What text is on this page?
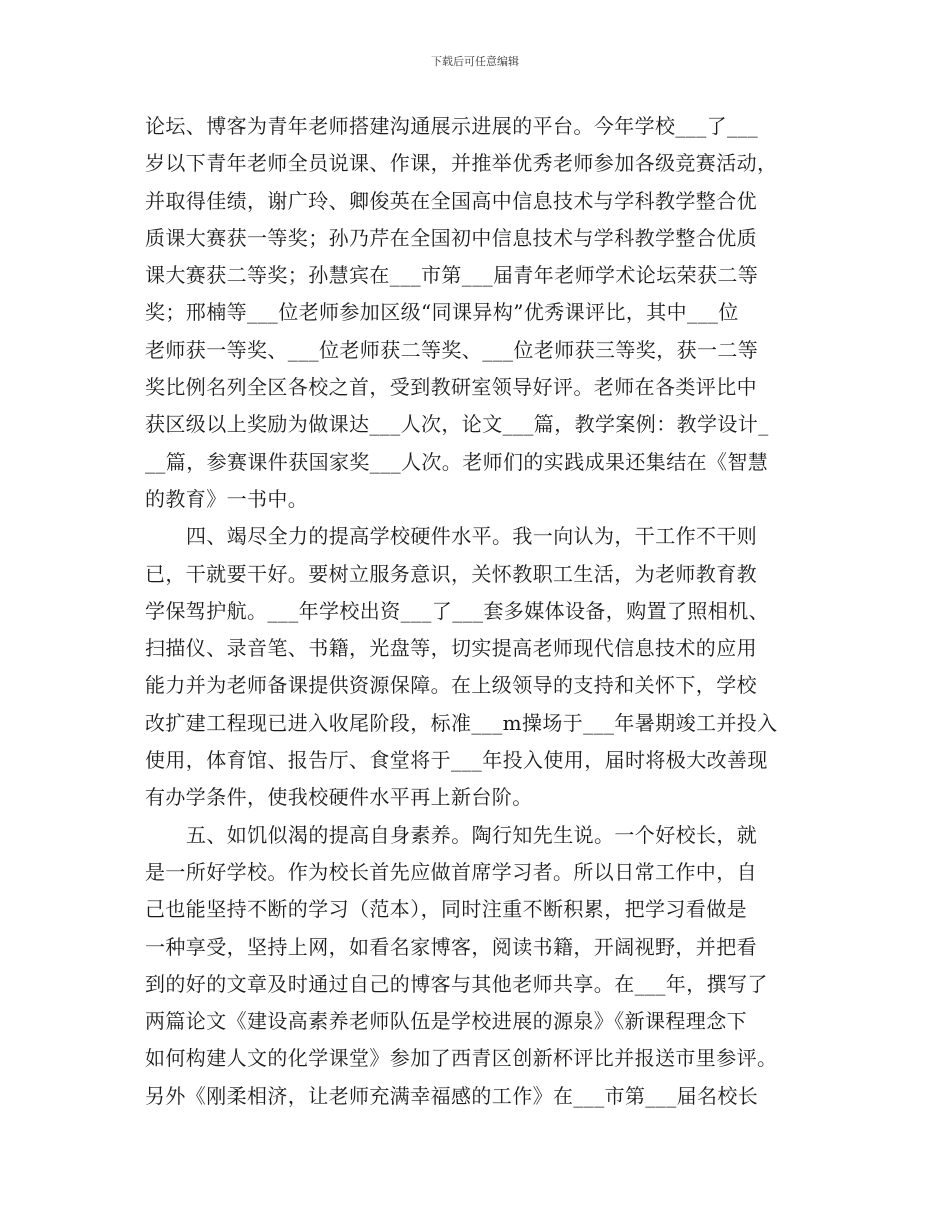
下载后可任意编辑
论坛、博客为青年老师搭建沟通展示进展的平台。今年学校___了___
岁以下青年老师全员说课、作课，并推举优秀老师参加各级竞赛活动，
并取得佳绩，谢广玲、卿俊英在全国高中信息技术与学科教学整合优
质课大赛获一等奖；孙乃芹在全国初中信息技术与学科教学整合优质
课大赛获二等奖；孙慧宾在___市第___届青年老师学术论坛荣获二等
奖；邢楠等___位老师参加区级“同课异构”优秀课评比，其中___位
老师获一等奖、___位老师获二等奖、___位老师获三等奖，获一二等
奖比例名列全区各校之首，受到教研室领导好评。老师在各类评比中
获区级以上奖励为做课达___人次，论文___篇，教学案例：教学设计_
__篇，参赛课件获国家奖___人次。老师们的实践成果还集结在《智慧
的教育》一书中。
四、竭尽全力的提高学校硬件水平。我一向认为，干工作不干则
已，干就要干好。要树立服务意识，关怀教职工生活，为老师教育教
学保驾护航。___年学校出资___了___套多媒体设备，购置了照相机、
扫描仪、录音笔、书籍，光盘等，切实提高老师现代信息技术的应用
能力并为老师备课提供资源保障。在上级领导的支持和关怀下，学校
改扩建工程现已进入收尾阶段，标准___m操场于___年暑期竣工并投入
使用，体育馆、报告厅、食堂将于___年投入使用，届时将极大改善现
有办学条件，使我校硬件水平再上新台阶。
五、如饥似渴的提高自身素养。陶行知先生说。一个好校长，就
是一所好学校。作为校长首先应做首席学习者。所以日常工作中，自
己也能坚持不断的学习（范本），同时注重不断积累，把学习看做是
一种享受，坚持上网，如看名家博客，阅读书籍，开阔视野，并把看
到的好的文章及时通过自己的博客与其他老师共享。在___年，撰写了
两篇论文《建设高素养老师队伍是学校进展的源泉》《新课程理念下
如何构建人文的化学课堂》参加了西青区创新杯评比并报送市里参评。
另外《刚柔相济，让老师充满幸福感的工作》在___市第___届名校长
